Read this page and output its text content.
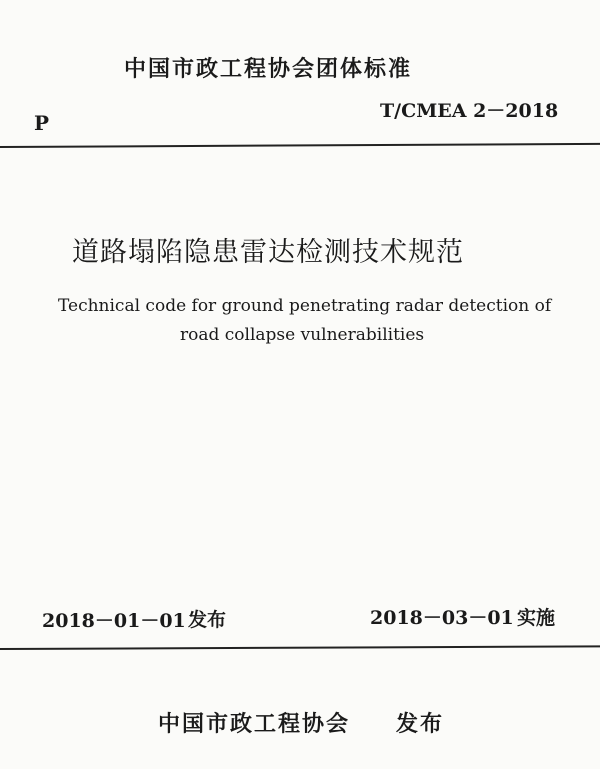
中国市政工程协会团体标准
P	T/CMEA 2－2018
道路塌陷隐患雷达检测技术规范
Technical code for ground penetrating radar detection of
road collapse vulnerabilities
2018－01－01 发布	2018－03－01 实施
中国市政工程协会 发布
